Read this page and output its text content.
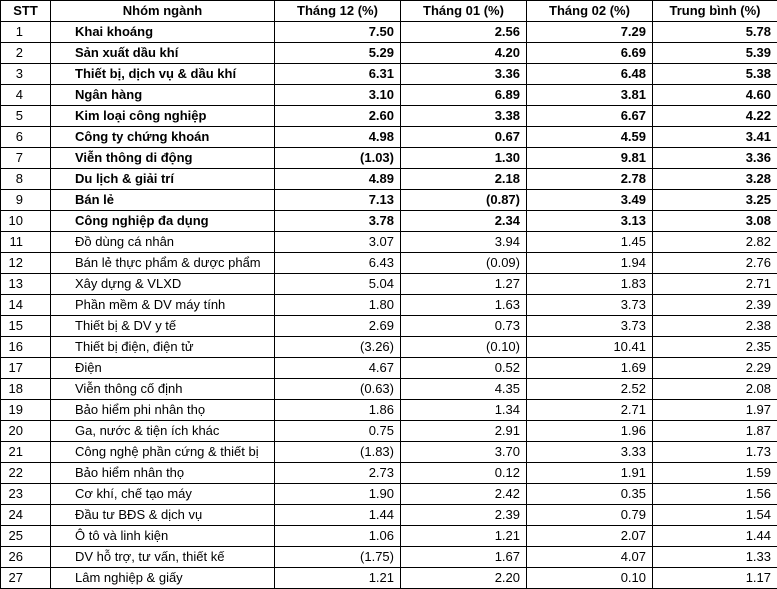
STT	Nhóm ngành	Tháng 12 (%)	Tháng 01 (%)	Tháng 02 (%)	Trung bình (%)
1	Khai khoáng	7.50	2.56	7.29	5.78
2	Sản xuất dầu khí	5.29	4.20	6.69	5.39
3	Thiết bị, dịch vụ & dầu khí	6.31	3.36	6.48	5.38
4	Ngân hàng	3.10	6.89	3.81	4.60
5	Kim loại công nghiệp	2.60	3.38	6.67	4.22
6	Công ty chứng khoán	4.98	0.67	4.59	3.41
7	Viễn thông di động	(1.03)	1.30	9.81	3.36
8	Du lịch & giải trí	4.89	2.18	2.78	3.28
9	Bán lẻ	7.13	(0.87)	3.49	3.25
10	Công nghiệp đa dụng	3.78	2.34	3.13	3.08
11	Đồ dùng cá nhân	3.07	3.94	1.45	2.82
12	Bán lẻ thực phẩm & dược phẩm	6.43	(0.09)	1.94	2.76
13	Xây dựng & VLXD	5.04	1.27	1.83	2.71
14	Phần mềm & DV máy tính	1.80	1.63	3.73	2.39
15	Thiết bị & DV y tế	2.69	0.73	3.73	2.38
16	Thiết bị điện, điện tử	(3.26)	(0.10)	10.41	2.35
17	Điện	4.67	0.52	1.69	2.29
18	Viễn thông cố định	(0.63)	4.35	2.52	2.08
19	Bảo hiểm phi nhân thọ	1.86	1.34	2.71	1.97
20	Ga, nước & tiện ích khác	0.75	2.91	1.96	1.87
21	Công nghệ phần cứng & thiết bị	(1.83)	3.70	3.33	1.73
22	Bảo hiểm nhân thọ	2.73	0.12	1.91	1.59
23	Cơ khí, chế tạo máy	1.90	2.42	0.35	1.56
24	Đầu tư BĐS & dịch vụ	1.44	2.39	0.79	1.54
25	Ô tô và linh kiện	1.06	1.21	2.07	1.44
26	DV hỗ trợ, tư vấn, thiết kế	(1.75)	1.67	4.07	1.33
27	Lâm nghiệp & giấy	1.21	2.20	0.10	1.17
